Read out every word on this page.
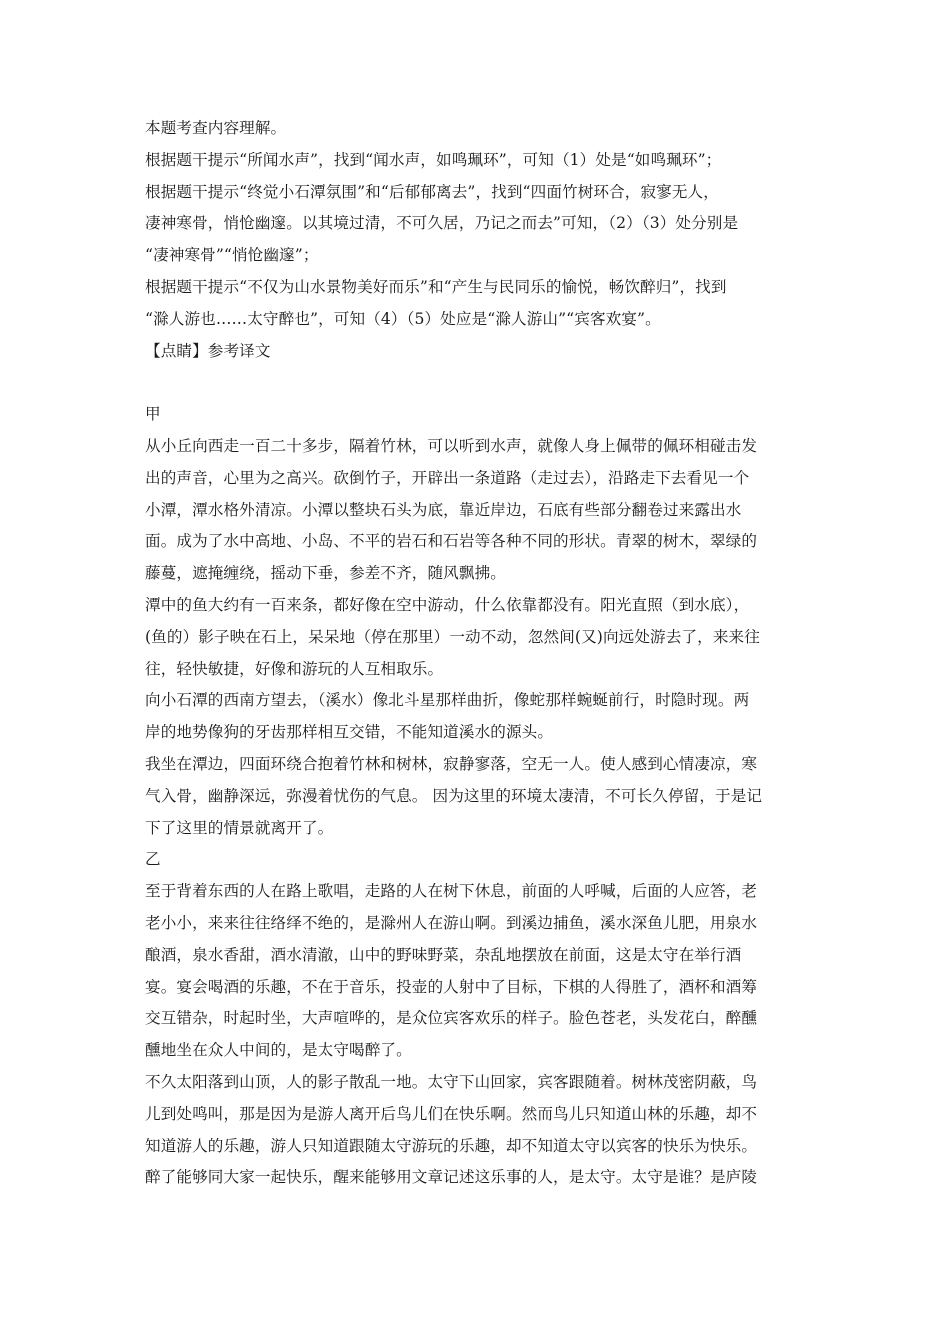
本题考查内容理解。
根据题干提示“所闻水声”，找到“闻水声，如鸣珮环”，可知（1）处是“如鸣珮环”；
根据题干提示“终觉小石潭氛围”和“后郁郁离去”，找到“四面竹树环合，寂寥无人，
凄神寒骨，悄怆幽邃。以其境过清，不可久居，乃记之而去”可知，（2）（3）处分别是
“凄神寒骨”“悄怆幽邃”；
根据题干提示“不仅为山水景物美好而乐”和“产生与民同乐的愉悦，畅饮醉归”，找到
“滁人游也……太守醉也”，可知（4）（5）处应是“滁人游山”“宾客欢宴”。
【点睛】参考译文
甲
从小丘向西走一百二十多步，隔着竹林，可以听到水声，就像人身上佩带的佩环相碰击发
出的声音，心里为之高兴。砍倒竹子，开辟出一条道路（走过去），沿路走下去看见一个
小潭，潭水格外清凉。小潭以整块石头为底，靠近岸边，石底有些部分翻卷过来露出水
面。成为了水中高地、小岛、不平的岩石和石岩等各种不同的形状。青翠的树木，翠绿的
藤蔓，遮掩缠绕，摇动下垂，参差不齐，随风飘拂。
潭中的鱼大约有一百来条，都好像在空中游动，什么依靠都没有。阳光直照（到水底），
(鱼的）影子映在石上，呆呆地（停在那里）一动不动，忽然间(又)向远处游去了，来来往
往，轻快敏捷，好像和游玩的人互相取乐。
向小石潭的西南方望去，（溪水）像北斗星那样曲折，像蛇那样蜿蜒前行，时隐时现。两
岸的地势像狗的牙齿那样相互交错，不能知道溪水的源头。
我坐在潭边，四面环绕合抱着竹林和树林，寂静寥落，空无一人。使人感到心情凄凉，寒
气入骨，幽静深远，弥漫着忧伤的气息。 因为这里的环境太凄清，不可长久停留，于是记
下了这里的情景就离开了。
乙
至于背着东西的人在路上歌唱，走路的人在树下休息，前面的人呼喊，后面的人应答，老
老小小，来来往往络绎不绝的，是滁州人在游山啊。到溪边捕鱼，溪水深鱼儿肥，用泉水
酿酒，泉水香甜，酒水清澈，山中的野味野菜，杂乱地摆放在前面，这是太守在举行酒
宴。宴会喝酒的乐趣，不在于音乐，投壶的人射中了目标，下棋的人得胜了，酒杯和酒筹
交互错杂，时起时坐，大声喧哗的，是众位宾客欢乐的样子。脸色苍老，头发花白，醉醺
醺地坐在众人中间的，是太守喝醉了。
不久太阳落到山顶，人的影子散乱一地。太守下山回家，宾客跟随着。树林茂密阴蔽，鸟
儿到处鸣叫，那是因为是游人离开后鸟儿们在快乐啊。然而鸟儿只知道山林的乐趣，却不
知道游人的乐趣，游人只知道跟随太守游玩的乐趣，却不知道太守以宾客的快乐为快乐。
醉了能够同大家一起快乐，醒来能够用文章记述这乐事的人，是太守。太守是谁？是庐陵
